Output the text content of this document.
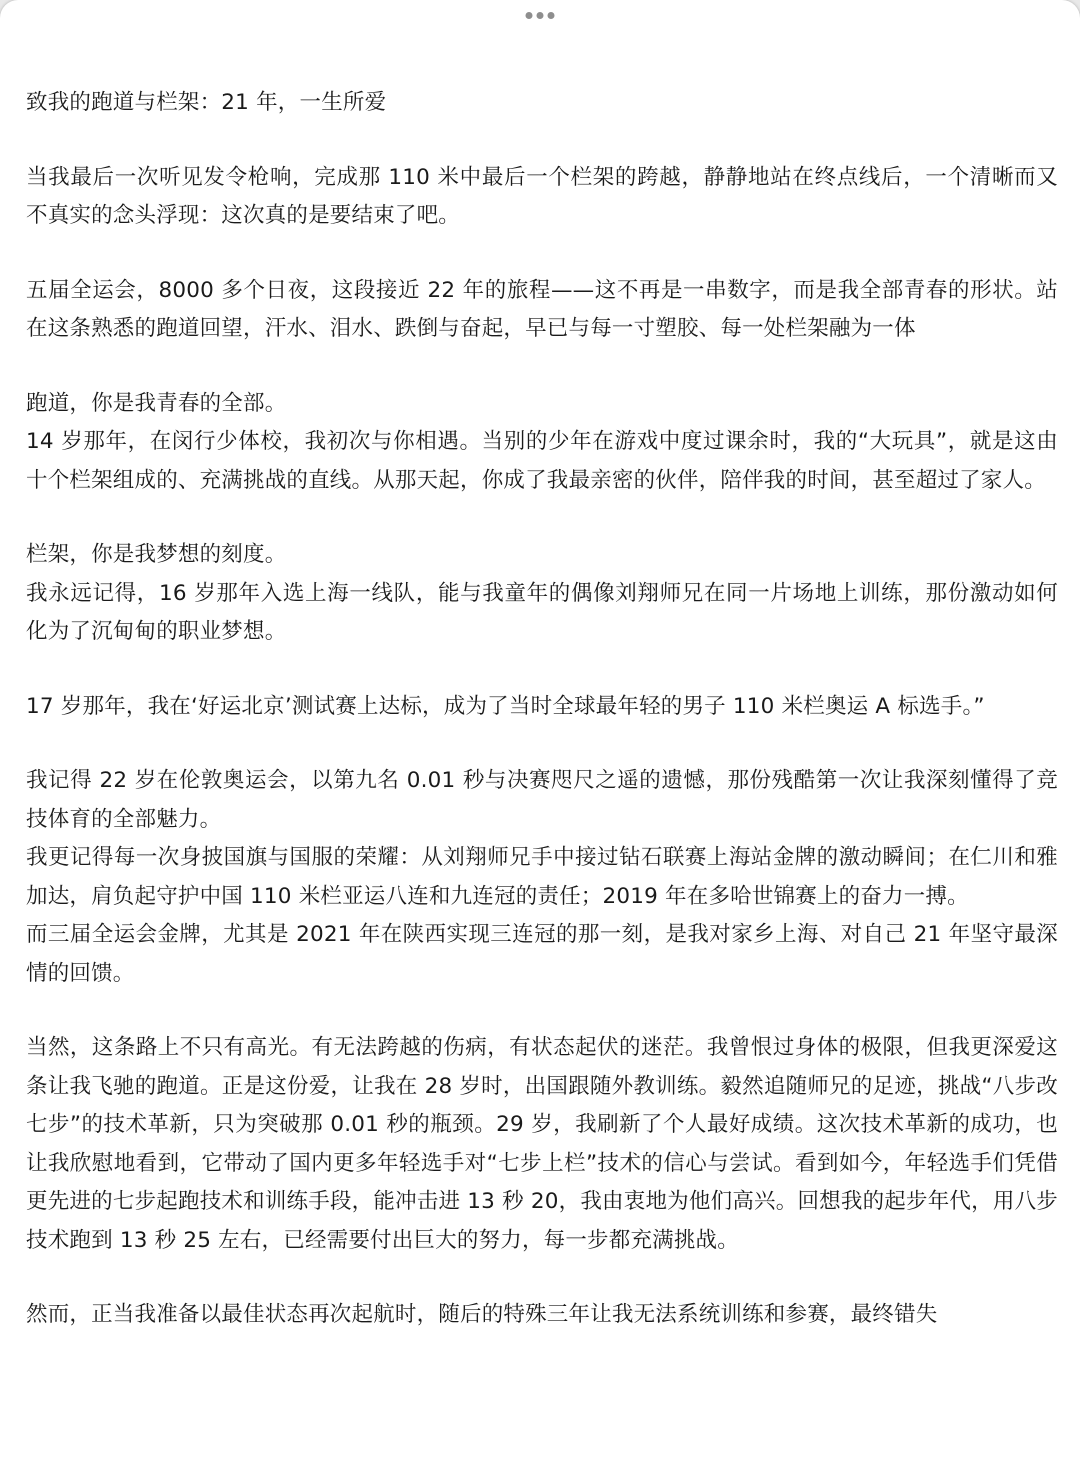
致我的跑道与栏架：21 年，一生所爱

当我最后一次听见发令枪响，完成那 110 米中最后一个栏架的跨越，静静地站在终点线后，一个清晰而又不真实的念头浮现：这次真的是要结束了吧。

五届全运会，8000 多个日夜，这段接近 22 年的旅程——这不再是一串数字，而是我全部青春的形状。站在这条熟悉的跑道回望，汗水、泪水、跌倒与奋起，早已与每一寸塑胶、每一处栏架融为一体

跑道，你是我青春的全部。

14 岁那年，在闵行少体校，我初次与你相遇。当别的少年在游戏中度过课余时，我的“大玩具”，就是这由十个栏架组成的、充满挑战的直线。从那天起，你成了我最亲密的伙伴，陪伴我的时间，甚至超过了家人。

栏架，你是我梦想的刻度。

我永远记得，16 岁那年入选上海一线队，能与我童年的偶像刘翔师兄在同一片场地上训练，那份激动如何化为了沉甸甸的职业梦想。

17 岁那年，我在‘好运北京’测试赛上达标，成为了当时全球最年轻的男子 110 米栏奥运 A 标选手。”

我记得 22 岁在伦敦奥运会，以第九名 0.01 秒与决赛咫尺之遥的遗憾，那份残酷第一次让我深刻懂得了竞技体育的全部魅力。

我更记得每一次身披国旗与国服的荣耀：从刘翔师兄手中接过钻石联赛上海站金牌的激动瞬间；在仁川和雅加达，肩负起守护中国 110 米栏亚运八连和九连冠的责任；2019 年在多哈世锦赛上的奋力一搏。

而三届全运会金牌，尤其是 2021 年在陕西实现三连冠的那一刻，是我对家乡上海、对自己 21 年坚守最深情的回馈。

当然，这条路上不只有高光。有无法跨越的伤病，有状态起伏的迷茫。我曾恨过身体的极限，但我更深爱这条让我飞驰的跑道。正是这份爱，让我在 28 岁时，出国跟随外教训练。毅然追随师兄的足迹，挑战“八步改七步”的技术革新，只为突破那 0.01 秒的瓶颈。29 岁，我刷新了个人最好成绩。这次技术革新的成功，也让我欣慰地看到，它带动了国内更多年轻选手对“七步上栏”技术的信心与尝试。看到如今，年轻选手们凭借更先进的七步起跑技术和训练手段，能冲击进 13 秒 20，我由衷地为他们高兴。回想我的起步年代，用八步技术跑到 13 秒 25 左右，已经需要付出巨大的努力，每一步都充满挑战。

然而，正当我准备以最佳状态再次起航时，随后的特殊三年让我无法系统训练和参赛，最终错失
